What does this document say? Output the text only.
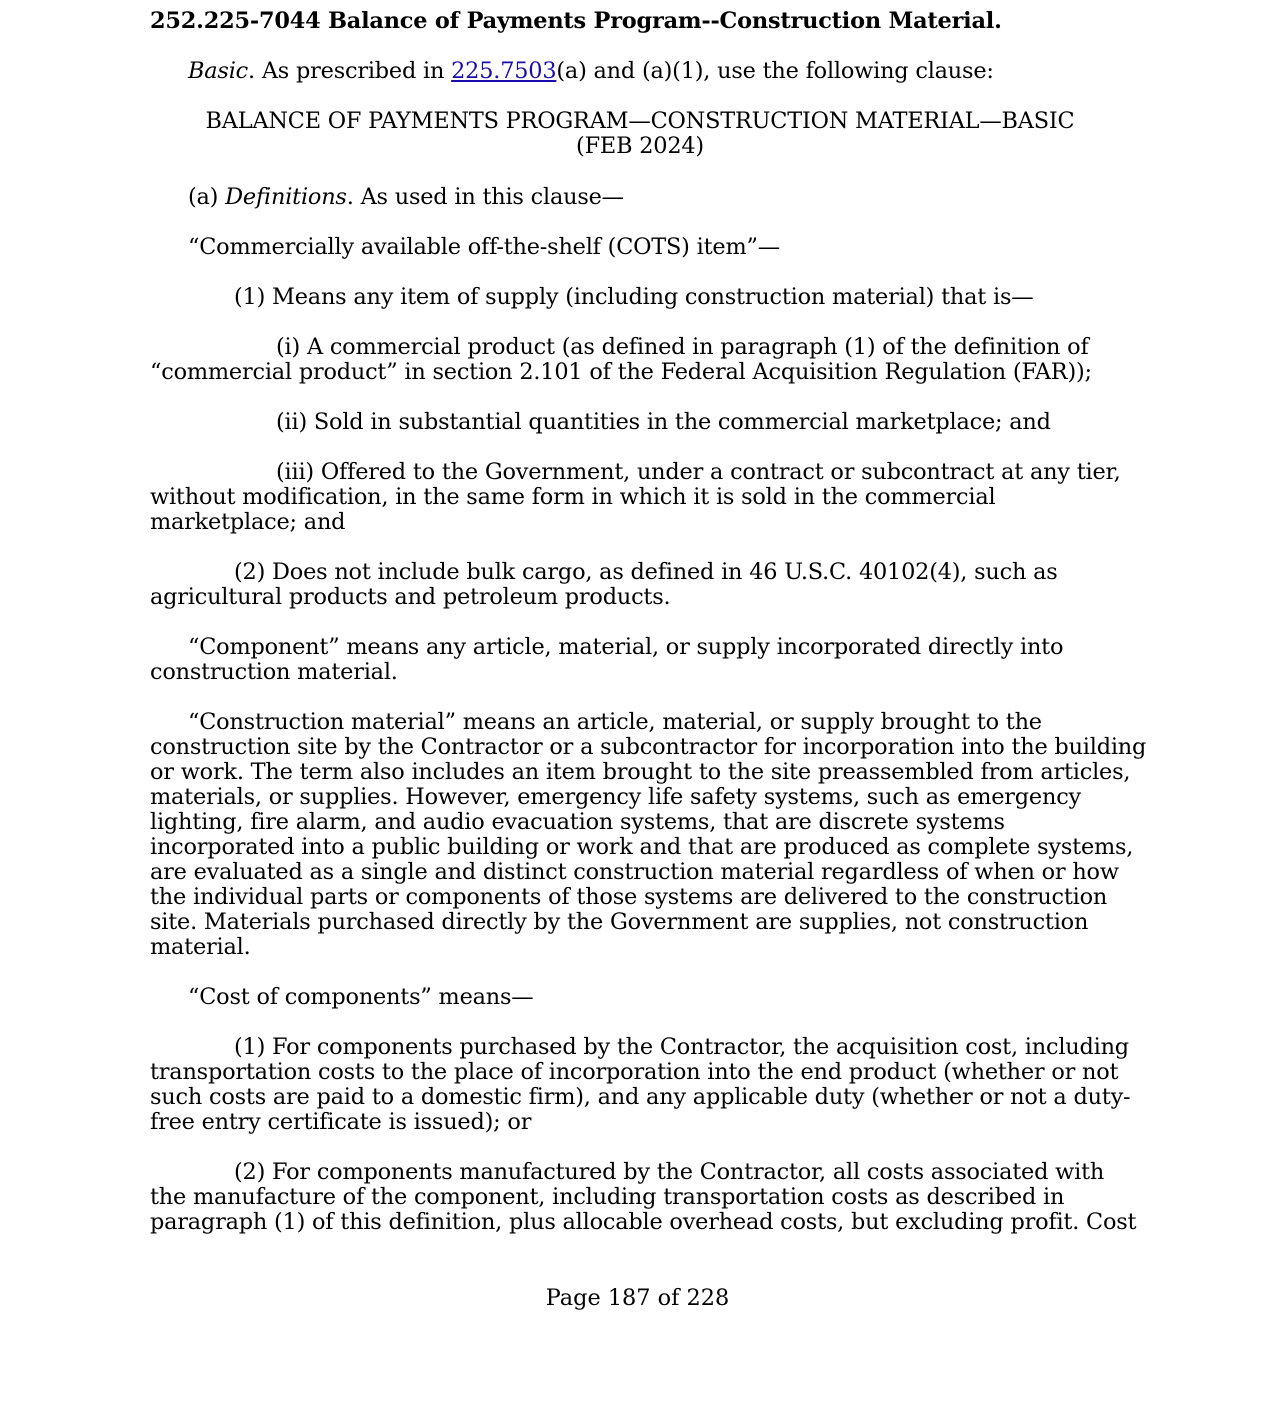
252.225-7044 Balance of Payments Program--Construction Material.
Basic. As prescribed in 225.7503(a) and (a)(1), use the following clause:
BALANCE OF PAYMENTS PROGRAM—CONSTRUCTION MATERIAL—BASIC
(FEB 2024)
(a) Definitions. As used in this clause—
“Commercially available off-the-shelf (COTS) item”—
(1) Means any item of supply (including construction material) that is—
(i) A commercial product (as defined in paragraph (1) of the definition of
“commercial product” in section 2.101 of the Federal Acquisition Regulation (FAR));
(ii) Sold in substantial quantities in the commercial marketplace; and
(iii) Offered to the Government, under a contract or subcontract at any tier,
without modification, in the same form in which it is sold in the commercial
marketplace; and
(2) Does not include bulk cargo, as defined in 46 U.S.C. 40102(4), such as
agricultural products and petroleum products.
“Component” means any article, material, or supply incorporated directly into
construction material.
“Construction material” means an article, material, or supply brought to the
construction site by the Contractor or a subcontractor for incorporation into the building
or work. The term also includes an item brought to the site preassembled from articles,
materials, or supplies. However, emergency life safety systems, such as emergency
lighting, fire alarm, and audio evacuation systems, that are discrete systems
incorporated into a public building or work and that are produced as complete systems,
are evaluated as a single and distinct construction material regardless of when or how
the individual parts or components of those systems are delivered to the construction
site. Materials purchased directly by the Government are supplies, not construction
material.
“Cost of components” means—
(1) For components purchased by the Contractor, the acquisition cost, including
transportation costs to the place of incorporation into the end product (whether or not
such costs are paid to a domestic firm), and any applicable duty (whether or not a duty-
free entry certificate is issued); or
(2) For components manufactured by the Contractor, all costs associated with
the manufacture of the component, including transportation costs as described in
paragraph (1) of this definition, plus allocable overhead costs, but excluding profit. Cost
Page 187 of 228
